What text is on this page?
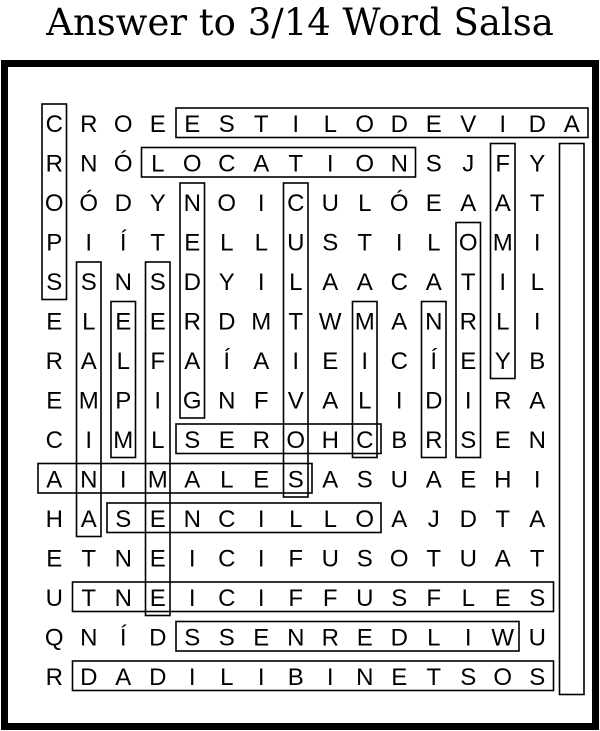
Answer to 3/14 Word Salsa
C R O E E S T I L O D E V I D A
R N Ó L O C A T I O N S J F Y
O Ó D Y N O I C U L Ó E A A T
P I Í T E L L U S T I L O M I
S S N S D Y I L A A C A T I L
E L E E R D M T W M A N R L I
R A L F A Í A I E I C Í E Y B
E M P I G N F V A L I D I R A
C I M L S E R O H C B R S E N
A N I M A L E S A S U A E H I
H A S E N C I L L O A J D T A
E T N E I C I F U S O T U A T
U T N E I C I F F U S F L E S
Q N Í D S S E N R E D L I W U
R D A D I L I B I N E T S O S
